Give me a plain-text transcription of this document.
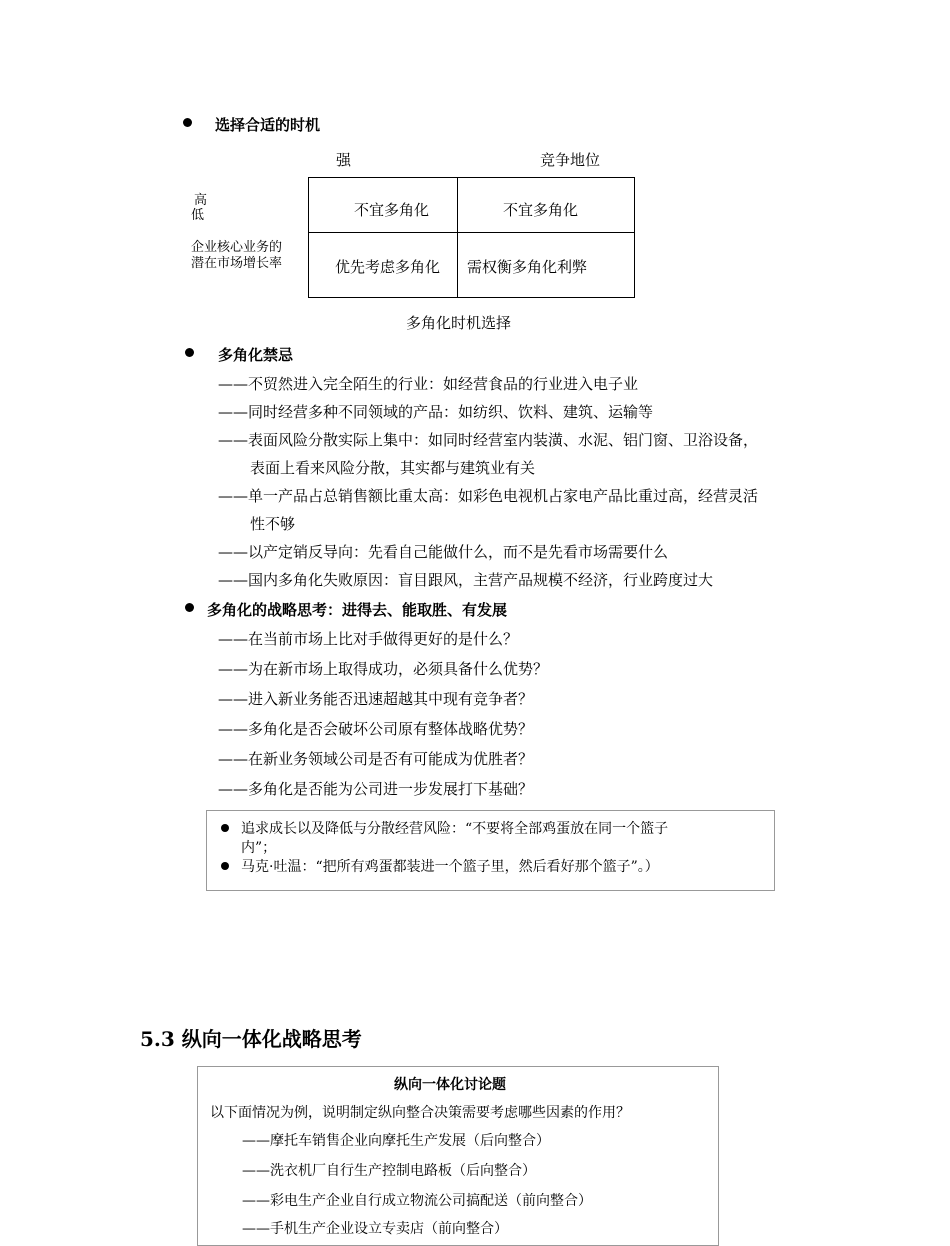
选择合适的时机
强	竞争地位
高
低
企业核心业务的
潜在市场增长率
不宜多角化	不宜多角化
优先考虑多角化 需权衡多角化利弊
多角化时机选择
多角化禁忌
——不贸然进入完全陌生的行业：如经营食品的行业进入电子业
——同时经营多种不同领域的产品：如纺织、饮料、建筑、运输等
——表面风险分散实际上集中：如同时经营室内装潢、水泥、铝门窗、卫浴设备，
表面上看来风险分散，其实都与建筑业有关
——单一产品占总销售额比重太高：如彩色电视机占家电产品比重过高，经营灵活
性不够
——以产定销反导向：先看自己能做什么，而不是先看市场需要什么
——国内多角化失败原因：盲目跟风，主营产品规模不经济，行业跨度过大
多角化的战略思考：进得去、能取胜、有发展
——在当前市场上比对手做得更好的是什么？
——为在新市场上取得成功，必须具备什么优势？
——进入新业务能否迅速超越其中现有竞争者？
——多角化是否会破坏公司原有整体战略优势？
——在新业务领域公司是否有可能成为优胜者？
——多角化是否能为公司进一步发展打下基础？
追求成长以及降低与分散经营风险：“不要将全部鸡蛋放在同一个篮子
内”；
马克·吐温：“把所有鸡蛋都装进一个篮子里，然后看好那个篮子”。）
5.3 纵向一体化战略思考
纵向一体化讨论题
以下面情况为例，说明制定纵向整合决策需要考虑哪些因素的作用？
——摩托车销售企业向摩托生产发展（后向整合）
——洗衣机厂自行生产控制电路板（后向整合）
——彩电生产企业自行成立物流公司搞配送（前向整合）
——手机生产企业设立专卖店（前向整合）
